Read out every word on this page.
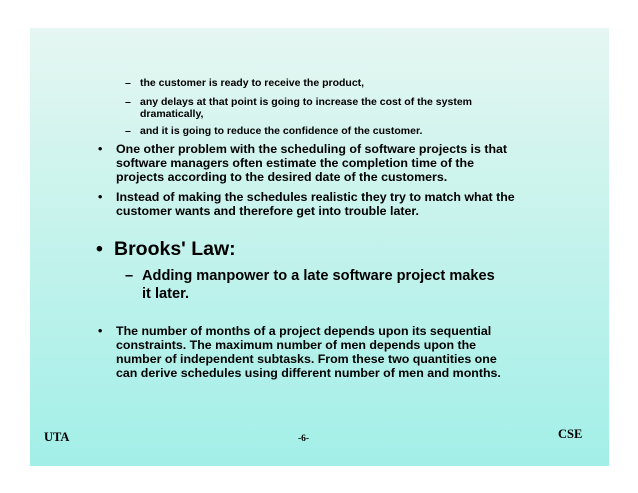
– the customer is ready to receive the product,
– any delays at that point is going to increase the cost of the system
dramatically,
– and it is going to reduce the confidence of the customer.
• One other problem with the scheduling of software projects is that
software managers often estimate the completion time of the
projects according to the desired date of the customers.
• Instead of making the schedules realistic they try to match what the
customer wants and therefore get into trouble later.
• Brooks' Law:
– Adding manpower to a late software project makes
it later.
• The number of months of a project depends upon its sequential
constraints. The maximum number of men depends upon the
number of independent subtasks. From these two quantities one
can derive schedules using different number of men and months.
UTA	-6-	CSE
